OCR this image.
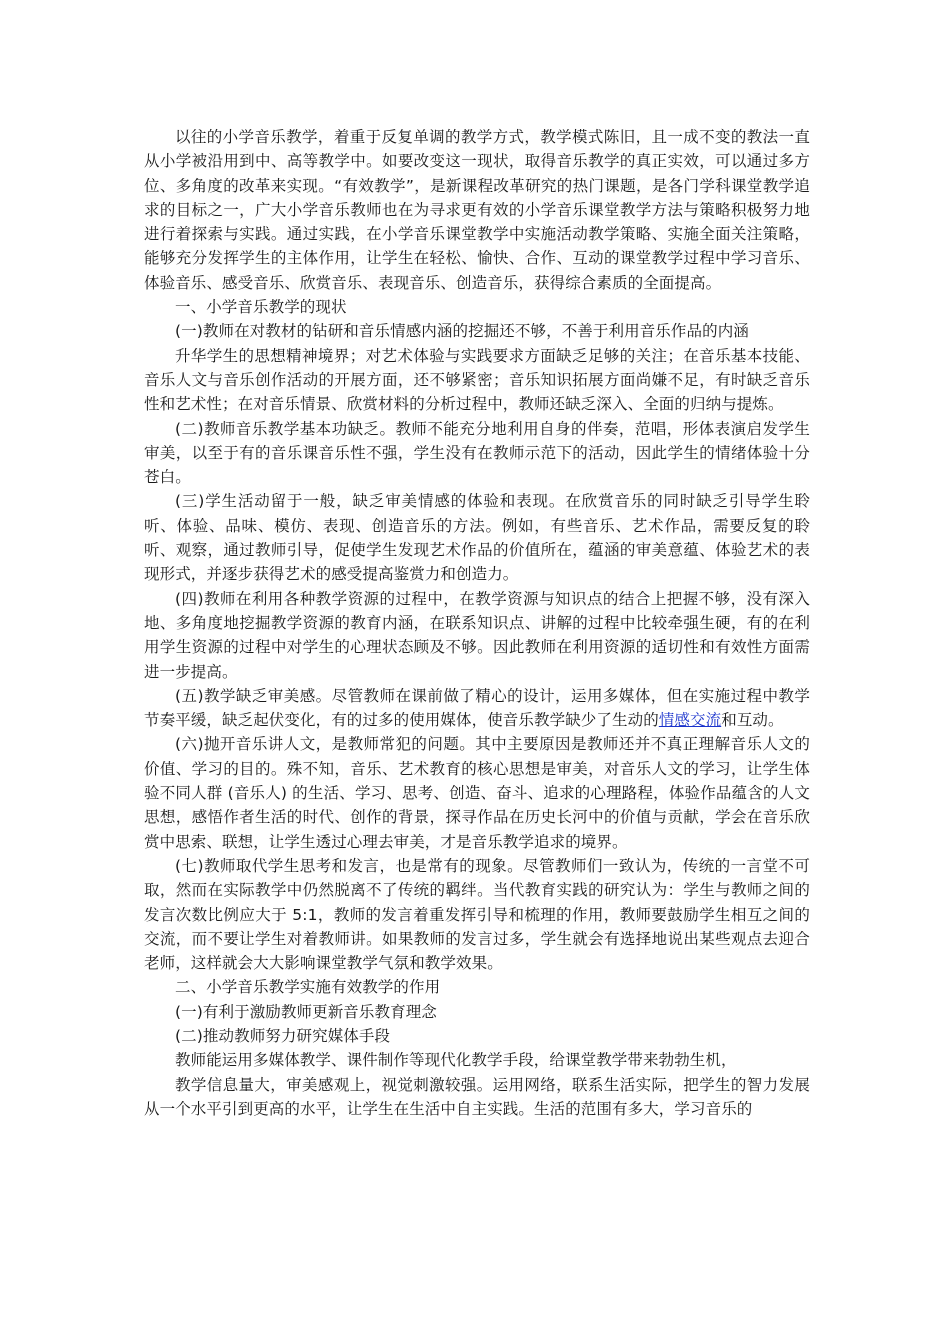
以往的小学音乐教学，着重于反复单调的教学方式，教学模式陈旧，且一成不变的教法一直从小学被沿用到中、高等教学中。如要改变这一现状，取得音乐教学的真正实效，可以通过多方位、多角度的改革来实现。“有效教学”，是新课程改革研究的热门课题，是各门学科课堂教学追求的目标之一，广大小学音乐教师也在为寻求更有效的小学音乐课堂教学方法与策略积极努力地进行着探索与实践。通过实践，在小学音乐课堂教学中实施活动教学策略、实施全面关注策略，能够充分发挥学生的主体作用，让学生在轻松、愉快、合作、互动的课堂教学过程中学习音乐、体验音乐、感受音乐、欣赏音乐、表现音乐、创造音乐，获得综合素质的全面提高。

一、小学音乐教学的现状

(一)教师在对教材的钻研和音乐情感内涵的挖掘还不够，不善于利用音乐作品的内涵

升华学生的思想精神境界；对艺术体验与实践要求方面缺乏足够的关注；在音乐基本技能、音乐人文与音乐创作活动的开展方面，还不够紧密；音乐知识拓展方面尚嫌不足，有时缺乏音乐性和艺术性；在对音乐情景、欣赏材料的分析过程中，教师还缺乏深入、全面的归纳与提炼。

(二)教师音乐教学基本功缺乏。教师不能充分地利用自身的伴奏，范唱，形体表演启发学生审美，以至于有的音乐课音乐性不强，学生没有在教师示范下的活动，因此学生的情绪体验十分苍白。

(三)学生活动留于一般，缺乏审美情感的体验和表现。在欣赏音乐的同时缺乏引导学生聆听、体验、品味、模仿、表现、创造音乐的方法。例如，有些音乐、艺术作品，需要反复的聆听、观察，通过教师引导，促使学生发现艺术作品的价值所在，蕴涵的审美意蕴、体验艺术的表现形式，并逐步获得艺术的感受提高鉴赏力和创造力。

(四)教师在利用各种教学资源的过程中，在教学资源与知识点的结合上把握不够，没有深入地、多角度地挖掘教学资源的教育内涵，在联系知识点、讲解的过程中比较牵强生硬，有的在利用学生资源的过程中对学生的心理状态顾及不够。因此教师在利用资源的适切性和有效性方面需进一步提高。

(五)教学缺乏审美感。尽管教师在课前做了精心的设计，运用多媒体，但在实施过程中教学节奏平缓，缺乏起伏变化，有的过多的使用媒体，使音乐教学缺少了生动的情感交流和互动。

(六)抛开音乐讲人文，是教师常犯的问题。其中主要原因是教师还并不真正理解音乐人文的价值、学习的目的。殊不知，音乐、艺术教育的核心思想是审美，对音乐人文的学习，让学生体验不同人群 (音乐人) 的生活、学习、思考、创造、奋斗、追求的心理路程，体验作品蕴含的人文思想，感悟作者生活的时代、创作的背景，探寻作品在历史长河中的价值与贡献，学会在音乐欣赏中思索、联想，让学生透过心理去审美，才是音乐教学追求的境界。

(七)教师取代学生思考和发言，也是常有的现象。尽管教师们一致认为，传统的一言堂不可取，然而在实际教学中仍然脱离不了传统的羁绊。当代教育实践的研究认为：学生与教师之间的发言次数比例应大于 5:1，教师的发言着重发挥引导和梳理的作用，教师要鼓励学生相互之间的交流，而不要让学生对着教师讲。如果教师的发言过多，学生就会有选择地说出某些观点去迎合老师，这样就会大大影响课堂教学气氛和教学效果。

二、小学音乐教学实施有效教学的作用

(一)有利于激励教师更新音乐教育理念

(二)推动教师努力研究媒体手段

教师能运用多媒体教学、课件制作等现代化教学手段，给课堂教学带来勃勃生机，

教学信息量大，审美感观上，视觉刺激较强。运用网络，联系生活实际，把学生的智力发展从一个水平引到更高的水平，让学生在生活中自主实践。生活的范围有多大，学习音乐的
